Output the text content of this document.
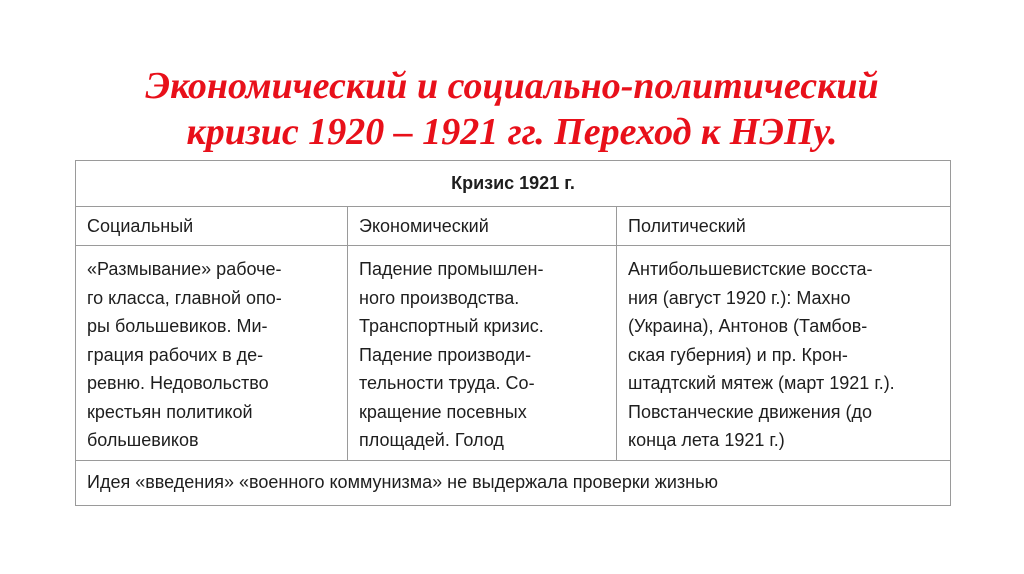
Экономический и социально-политический
кризис 1920 – 1921 гг. Переход к НЭПу.
Кризис 1921 г.
Социальный	Экономический	Политический
«Размывание» рабоче-
го класса, главной опо-
ры большевиков. Ми-
грация рабочих в де-
ревню. Недовольство
крестьян политикой
большевиков
Падение промышлен-
ного производства.
Транспортный кризис.
Падение производи-
тельности труда. Со-
кращение посевных
площадей. Голод
Антибольшевистские восста-
ния (август 1920 г.): Махно
(Украина), Антонов (Тамбов-
ская губерния) и пр. Крон-
штадтский мятеж (март 1921 г.).
Повстанческие движения (до
конца лета 1921 г.)
Идея «введения» «военного коммунизма» не выдержала проверки жизнью
